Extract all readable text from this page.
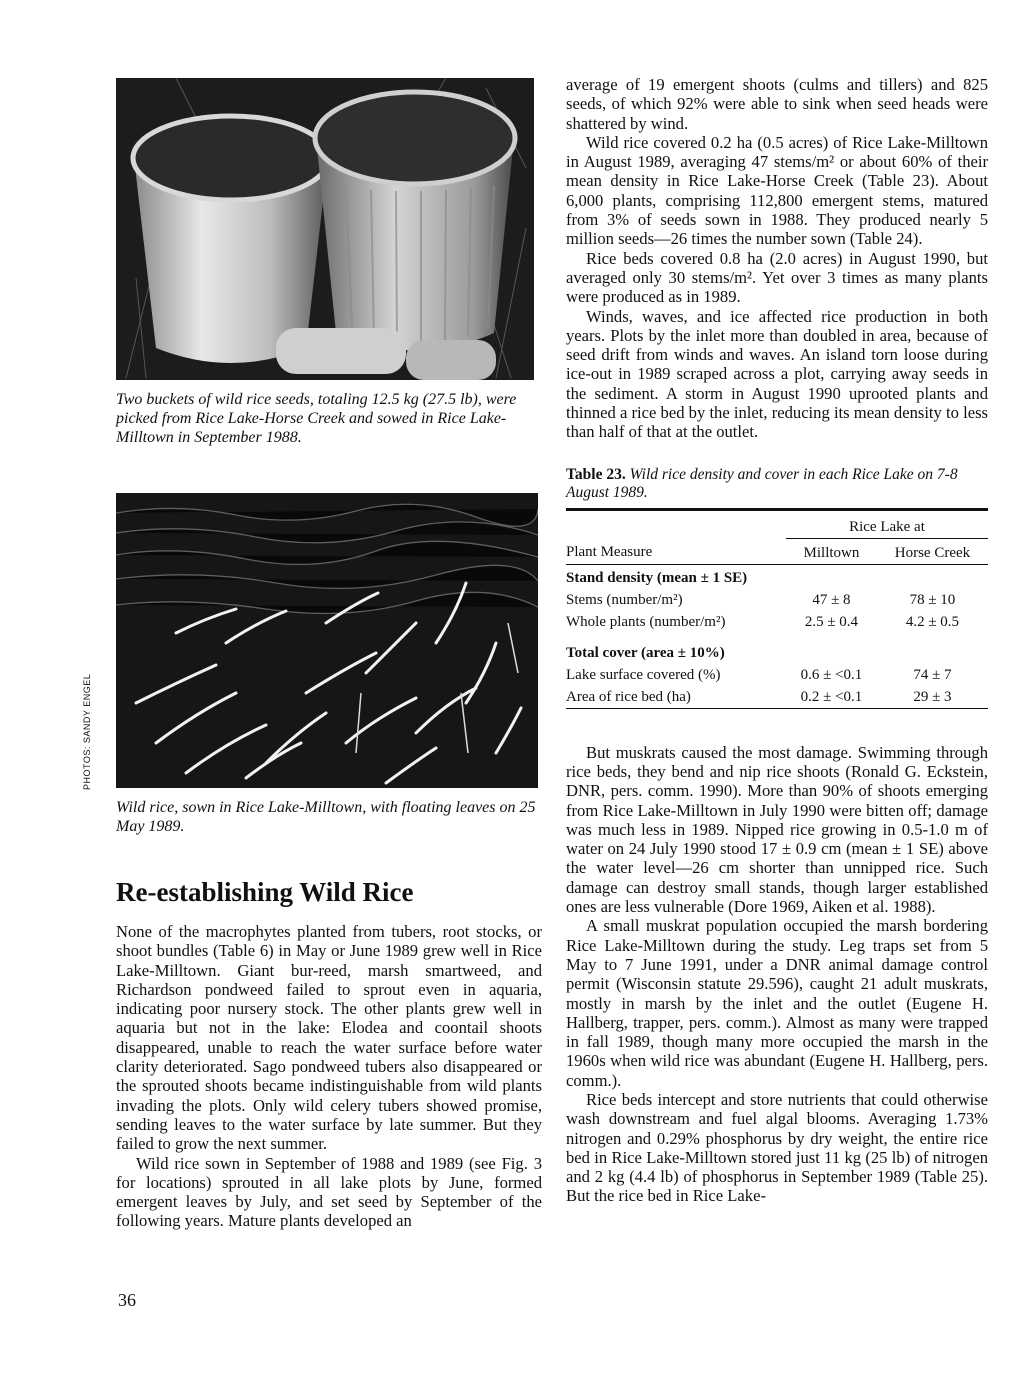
PHOTOS: SANDY ENGEL

Two buckets of wild rice seeds, totaling 12.5 kg (27.5 lb), were picked from Rice Lake-Horse Creek and sowed in Rice Lake-Milltown in September 1988.

Wild rice, sown in Rice Lake-Milltown, with floating leaves on 25 May 1989.

Re-establishing Wild Rice

None of the macrophytes planted from tubers, root stocks, or shoot bundles (Table 6) in May or June 1989 grew well in Rice Lake-Milltown. Giant bur-reed, marsh smartweed, and Richardson pondweed failed to sprout even in aquaria, indicating poor nursery stock. The other plants grew well in aquaria but not in the lake: Elodea and coontail shoots disappeared, unable to reach the water surface before water clarity deteriorated. Sago pondweed tubers also disappeared or the sprouted shoots became indistinguishable from wild plants invading the plots. Only wild celery tubers showed promise, sending leaves to the water surface by late summer. But they failed to grow the next summer.

Wild rice sown in September of 1988 and 1989 (see Fig. 3 for locations) sprouted in all lake plots by June, formed emergent leaves by July, and set seed by September of the following years. Mature plants developed an

average of 19 emergent shoots (culms and tillers) and 825 seeds, of which 92% were able to sink when seed heads were shattered by wind.

Wild rice covered 0.2 ha (0.5 acres) of Rice Lake-Milltown in August 1989, averaging 47 stems/m² or about 60% of their mean density in Rice Lake-Horse Creek (Table 23). About 6,000 plants, comprising 112,800 emergent stems, matured from 3% of seeds sown in 1988. They produced nearly 5 million seeds—26 times the number sown (Table 24).

Rice beds covered 0.8 ha (2.0 acres) in August 1990, but averaged only 30 stems/m². Yet over 3 times as many plants were produced as in 1989.

Winds, waves, and ice affected rice production in both years. Plots by the inlet more than doubled in area, because of seed drift from winds and waves. An island torn loose during ice-out in 1989 scraped across a plot, carrying away seeds in the sediment. A storm in August 1990 uprooted plants and thinned a rice bed by the inlet, reducing its mean density to less than half of that at the outlet.

Table 23. Wild rice density and cover in each Rice Lake on 7-8 August 1989.

	Rice Lake at	
Plant Measure	Milltown	Horse Creek
Stand density (mean ± 1 SE)		
Stems (number/m²)	47 ± 8	78 ± 10
Whole plants (number/m²)	2.5 ± 0.4	4.2 ± 0.5
Total cover (area ± 10%)		
Lake surface covered (%)	0.6 ± <0.1	74 ± 7
Area of rice bed (ha)	0.2 ± <0.1	29 ± 3

But muskrats caused the most damage. Swimming through rice beds, they bend and nip rice shoots (Ronald G. Eckstein, DNR, pers. comm. 1990). More than 90% of shoots emerging from Rice Lake-Milltown in July 1990 were bitten off; damage was much less in 1989. Nipped rice growing in 0.5-1.0 m of water on 24 July 1990 stood 17 ± 0.9 cm (mean ± 1 SE) above the water level—26 cm shorter than unnipped rice. Such damage can destroy small stands, though larger established ones are less vulnerable (Dore 1969, Aiken et al. 1988).

A small muskrat population occupied the marsh bordering Rice Lake-Milltown during the study. Leg traps set from 5 May to 7 June 1991, under a DNR animal damage control permit (Wisconsin statute 29.596), caught 21 adult muskrats, mostly in marsh by the inlet and the outlet (Eugene H. Hallberg, trapper, pers. comm.). Almost as many were trapped in fall 1989, though many more occupied the marsh in the 1960s when wild rice was abundant (Eugene H. Hallberg, pers. comm.).

Rice beds intercept and store nutrients that could otherwise wash downstream and fuel algal blooms. Averaging 1.73% nitrogen and 0.29% phosphorus by dry weight, the entire rice bed in Rice Lake-Milltown stored just 11 kg (25 lb) of nitrogen and 2 kg (4.4 lb) of phosphorus in September 1989 (Table 25). But the rice bed in Rice Lake-

36
